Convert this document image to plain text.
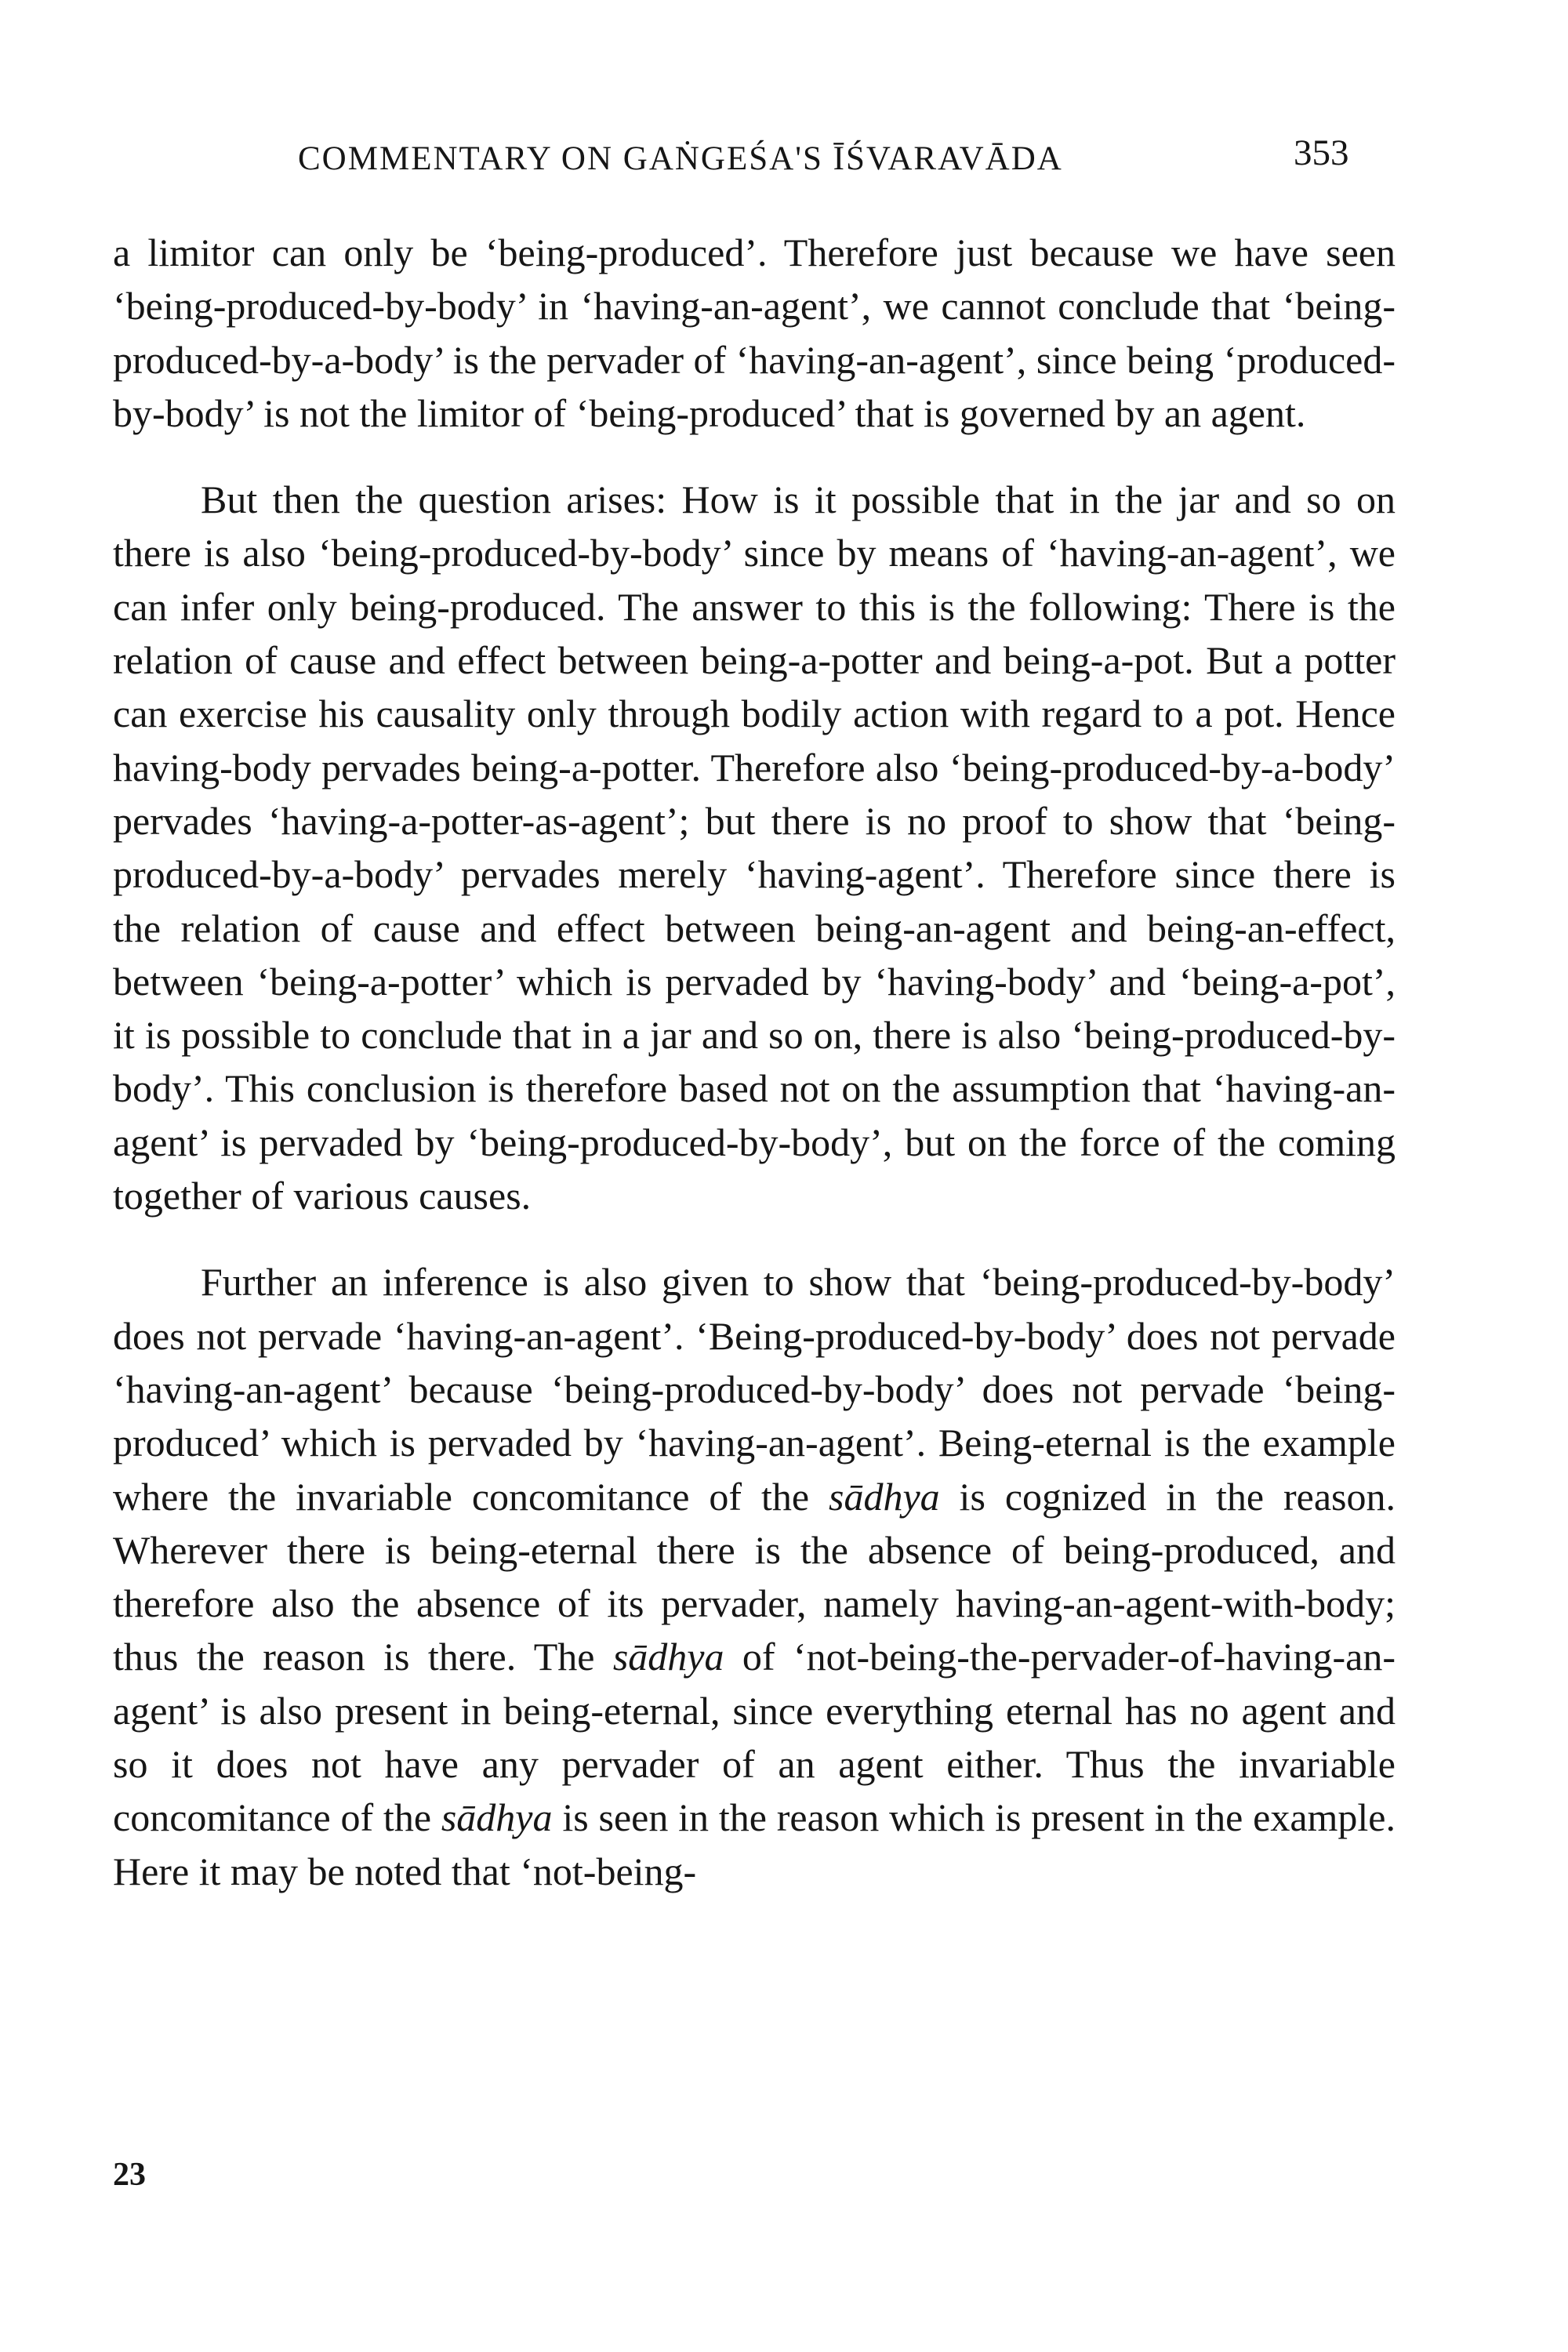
COMMENTARY ON GAṄGEŚA'S ĪŚVARAVĀDA	353

a limitor can only be ‘being-produced’. Therefore just because we have seen ‘being-produced-by-body’ in ‘having-an-agent’, we cannot conclude that ‘being-produced-by-a-body’ is the pervader of ‘having-an-agent’, since being ‘produced-by-body’ is not the limitor of ‘being-produced’ that is governed by an agent.

But then the question arises: How is it possible that in the jar and so on there is also ‘being-produced-by-body’ since by means of ‘having-an-agent’, we can infer only being-produced. The answer to this is the following: There is the relation of cause and effect between being-a-potter and being-a-pot. But a potter can exercise his causality only through bodily action with regard to a pot. Hence having-body pervades being-a-potter. Therefore also ‘being-produced-by-a-body’ pervades ‘having-a-potter-as-agent’; but there is no proof to show that ‘being-produced-by-a-body’ pervades merely ‘having-agent’. Therefore since there is the relation of cause and effect between being-an-agent and being-an-effect, between ‘being-a-potter’ which is pervaded by ‘having-body’ and ‘being-a-pot’, it is possible to conclude that in a jar and so on, there is also ‘being-produced-by-body’. This conclusion is therefore based not on the assumption that ‘having-an-agent’ is pervaded by ‘being-produced-by-body’, but on the force of the coming together of various causes.

Further an inference is also given to show that ‘being-produced-by-body’ does not pervade ‘having-an-agent’. ‘Being-produced-by-body’ does not pervade ‘having-an-agent’ because ‘being-produced-by-body’ does not pervade ‘being-produced’ which is pervaded by ‘having-an-agent’. Being-eternal is the example where the invariable concomitance of the sādhya is cognized in the reason. Wherever there is being-eternal there is the absence of being-produced, and therefore also the absence of its pervader, namely having-an-agent-with-body; thus the reason is there. The sādhya of ‘not-being-the-pervader-of-having-an-agent’ is also present in being-eternal, since everything eternal has no agent and so it does not have any pervader of an agent either. Thus the invariable concomitance of the sādhya is seen in the reason which is present in the example. Here it may be noted that ‘not-being-

23
